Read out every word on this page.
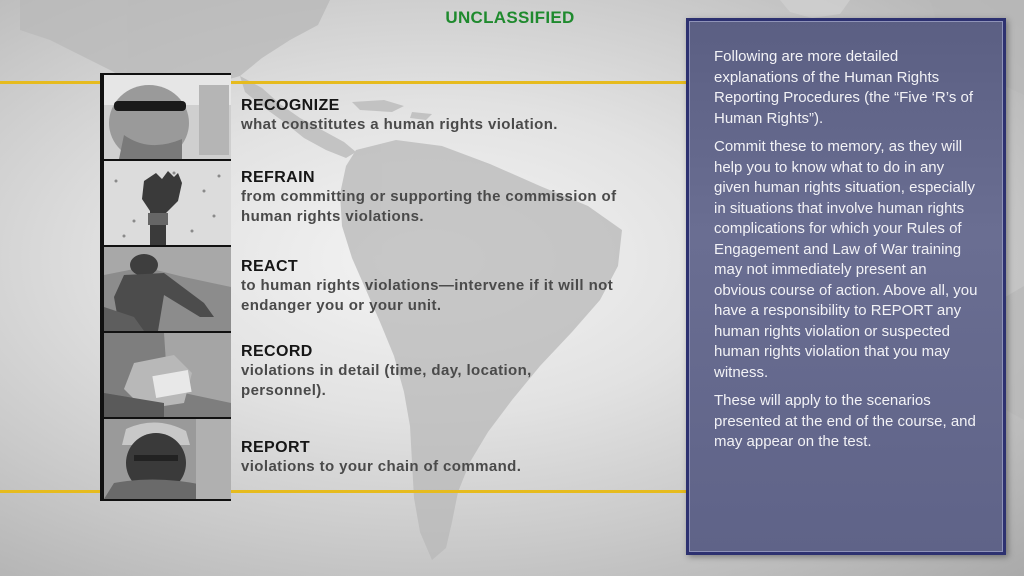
UNCLASSIFIED
RECOGNIZE
what constitutes a human rights violation.
REFRAIN
from committing or supporting the commission of human rights violations.
REACT
to human rights violations—intervene if it will not endanger you or your unit.
RECORD
violations in detail (time, day, location, personnel).
REPORT
violations to your chain of command.

Following are more detailed explanations of the Human Rights Reporting Procedures (the “Five ‘R’s of Human Rights”).

Commit these to memory, as they will help you to know what to do in any given human rights situation, especially in situations that involve human rights complications for which your Rules of Engagement and Law of War training may not immediately present an obvious course of action. Above all, you have a responsibility to REPORT any human rights violation or suspected human rights violation that you may witness.

These will apply to the scenarios presented at the end of the course, and may appear on the test.
